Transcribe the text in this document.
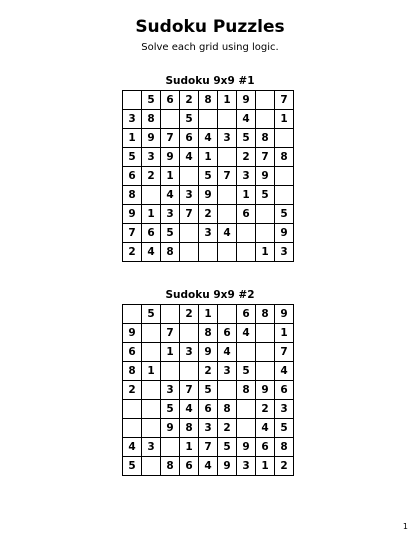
Sudoku Puzzles
Solve each grid using logic.
Sudoku 9x9 #1
	5	6	2	8	1	9		7
3	8		5			4		1
1	9	7	6	4	3	5	8	
5	3	9	4	1		2	7	8
6	2	1		5	7	3	9	
8		4	3	9		1	5	
9	1	3	7	2		6		5
7	6	5		3	4			9
2	4	8					1	3
Sudoku 9x9 #2
	5		2	1		6	8	9
9		7		8	6	4		1
6		1	3	9	4			7
8	1			2	3	5		4
2		3	7	5		8	9	6
		5	4	6	8		2	3
		9	8	3	2		4	5
4	3		1	7	5	9	6	8
5		8	6	4	9	3	1	2
1
